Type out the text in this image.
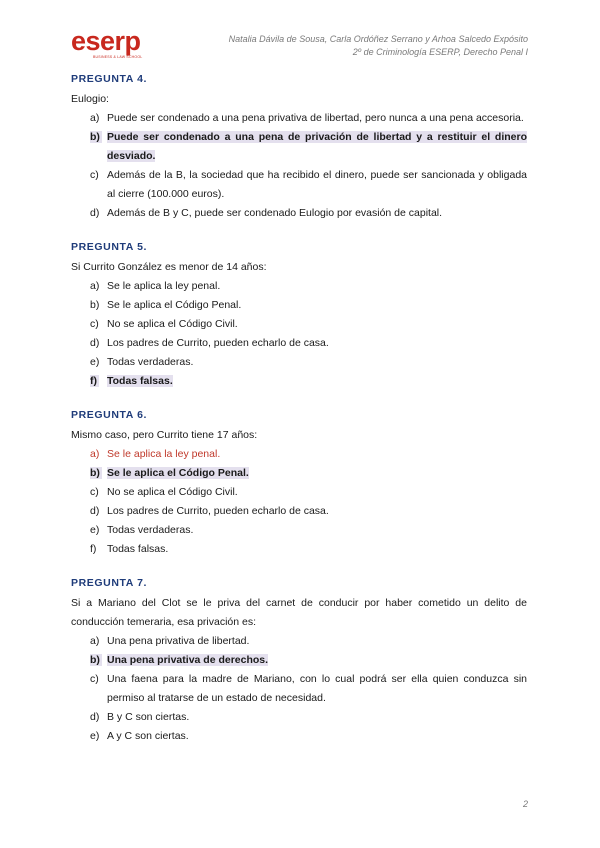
eserp
BUSINESS & LAW SCHOOL
Natalia Dávila de Sousa, Carla Ordóñez Serrano y Arhoa Salcedo Expósito
2º de Criminología ESERP, Derecho Penal I
PREGUNTA 4.
Eulogio:
a) Puede ser condenado a una pena privativa de libertad, pero nunca a una pena accesoria.
b) Puede ser condenado a una pena de privación de libertad y a restituir el dinero desviado.
c) Además de la B, la sociedad que ha recibido el dinero, puede ser sancionada y obligada al cierre (100.000 euros).
d) Además de B y C, puede ser condenado Eulogio por evasión de capital.
PREGUNTA 5.
Si Currito González es menor de 14 años:
a) Se le aplica la ley penal.
b) Se le aplica el Código Penal.
c) No se aplica el Código Civil.
d) Los padres de Currito, pueden echarlo de casa.
e) Todas verdaderas.
f) Todas falsas.
PREGUNTA 6.
Mismo caso, pero Currito tiene 17 años:
a) Se le aplica la ley penal.
b) Se le aplica el Código Penal.
c) No se aplica el Código Civil.
d) Los padres de Currito, pueden echarlo de casa.
e) Todas verdaderas.
f)	Todas falsas.
PREGUNTA 7.
Si a Mariano del Clot se le priva del carnet de conducir por haber cometido un delito de conducción temeraria, esa privación es:
a) Una pena privativa de libertad.
b) Una pena privativa de derechos.
c) Una faena para la madre de Mariano, con lo cual podrá ser ella quien conduzca sin permiso al tratarse de un estado de necesidad.
d) B y C son ciertas.
e) A y C son ciertas.
2
